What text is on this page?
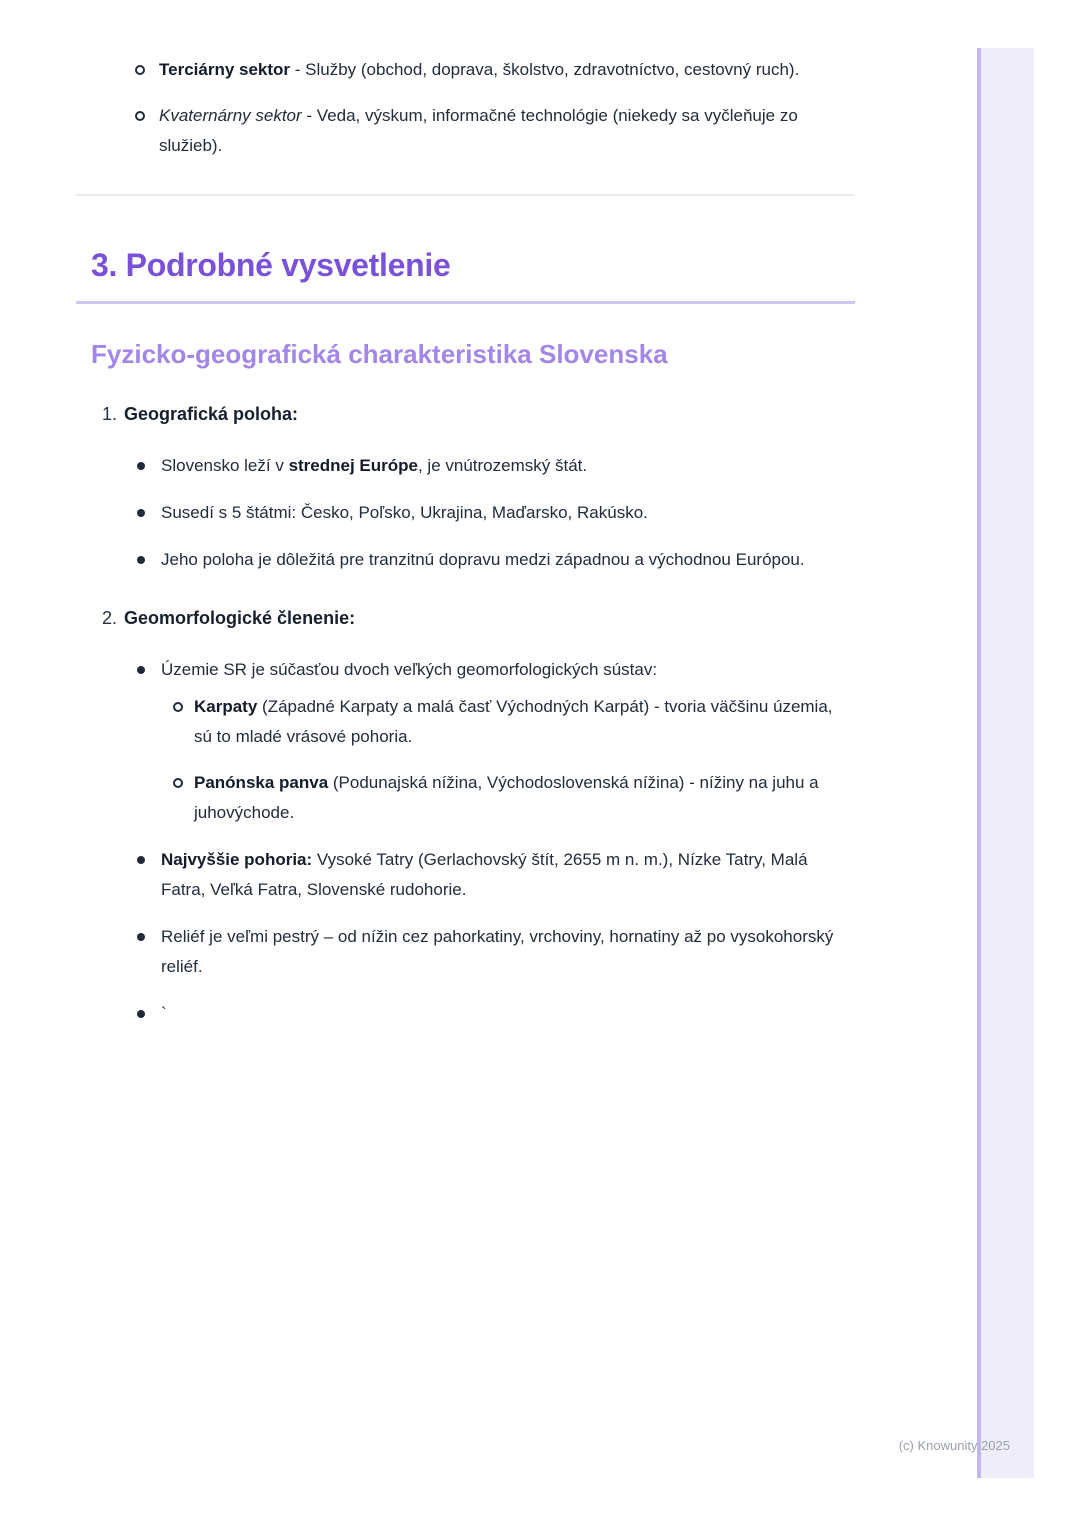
Terciárny sektor - Služby (obchod, doprava, školstvo, zdravotníctvo, cestovný ruch).
Kvaternárny sektor - Veda, výskum, informačné technológie (niekedy sa vyčleňuje zo služieb).
3. Podrobné vysvetlenie
Fyzicko-geografická charakteristika Slovenska
1. Geografická poloha:
Slovensko leží v strednej Európe, je vnútrozemský štát.
Susedí s 5 štátmi: Česko, Poľsko, Ukrajina, Maďarsko, Rakúsko.
Jeho poloha je dôležitá pre tranzitnú dopravu medzi západnou a východnou Európou.
2. Geomorfologické členenie:
Územie SR je súčasťou dvoch veľkých geomorfologických sústav:
Karpaty (Západné Karpaty a malá časť Východných Karpát) - tvoria väčšinu územia, sú to mladé vrásové pohoria.
Panónska panva (Podunajská nížina, Východoslovenská nížina) - nížiny na juhu a juhovýchode.
Najvyššie pohoria: Vysoké Tatry (Gerlachovský štít, 2655 m n. m.), Nízke Tatry, Malá Fatra, Veľká Fatra, Slovenské rudohorie.
Reliéf je veľmi pestrý – od nížin cez pahorkatiny, vrchoviny, hornatiny až po vysokohorský reliéf.
`
(c) Knowunity 2025
